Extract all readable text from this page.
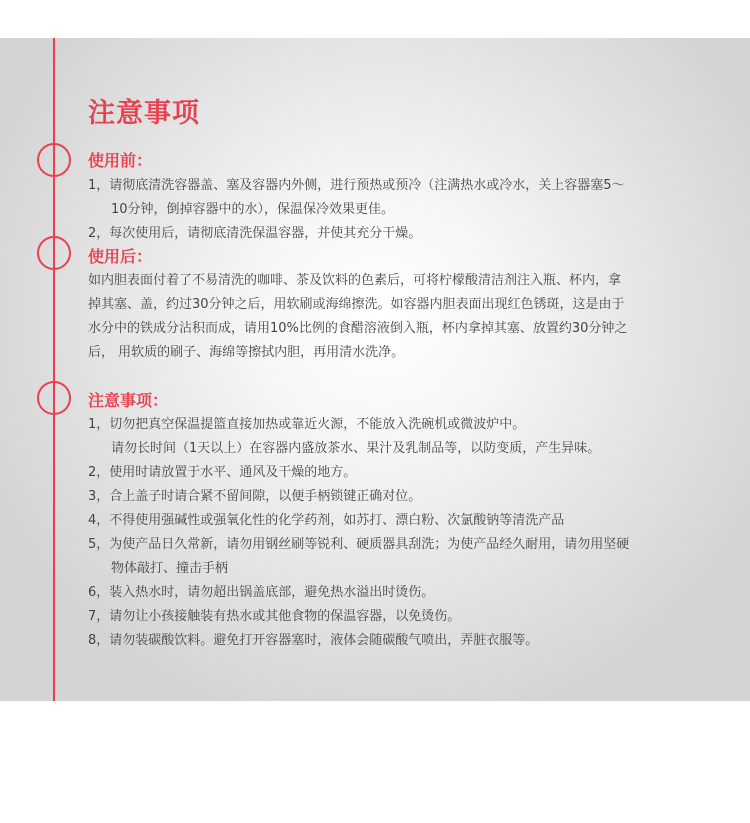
注意事项
使用前：
1，请彻底清洗容器盖、塞及容器内外侧，进行预热或预冷（注满热水或冷水，关上容器塞5～
10分钟，倒掉容器中的水），保温保冷效果更佳。
2，每次使用后，请彻底清洗保温容器，并使其充分干燥。
使用后：
如内胆表面付着了不易清洗的咖啡、茶及饮料的色素后，可将柠檬酸清洁剂注入瓶、杯内，拿
掉其塞、盖，约过30分钟之后，用软刷或海绵擦洗。如容器内胆表面出现红色锈斑，这是由于
水分中的铁成分沾积而成，请用10%比例的食醋溶液倒入瓶，杯内拿掉其塞、放置约30分钟之
后， 用软质的刷子、海绵等擦拭内胆，再用清水洗净。
注意事项：
1，切勿把真空保温提篮直接加热或靠近火源，不能放入洗碗机或微波炉中。
请勿长时间（1天以上）在容器内盛放茶水、果汁及乳制品等，以防变质，产生异味。
2，使用时请放置于水平、通风及干燥的地方。
3，合上盖子时请合紧不留间隙，以便手柄锁键正确对位。
4，不得使用强碱性或强氧化性的化学药剂，如苏打、漂白粉、次氯酸钠等清洗产品
5，为使产品日久常新，请勿用钢丝刷等锐利、硬质器具刮洗；为使产品经久耐用，请勿用坚硬
物体敲打、撞击手柄
6，装入热水时，请勿超出锅盖底部，避免热水溢出时烫伤。
7，请勿让小孩接触装有热水或其他食物的保温容器，以免烫伤。
8，请勿装碳酸饮料。避免打开容器塞时，液体会随碳酸气喷出，弄脏衣服等。
